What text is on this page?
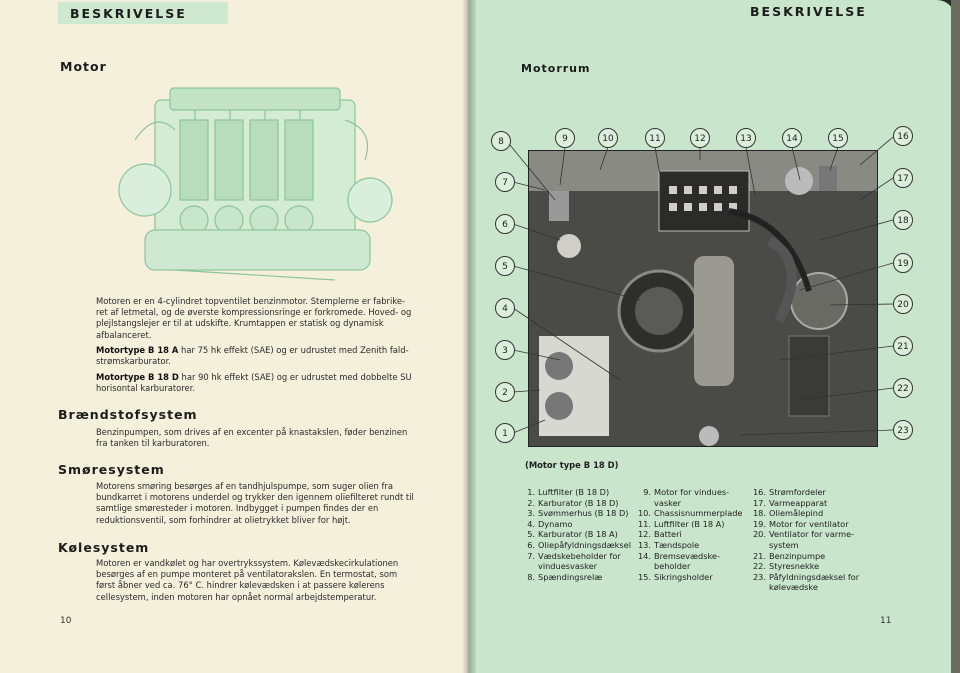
BESKRIVELSE
Motor
Motoren er en 4-cylindret topventilet benzinmotor. Stemplerne er fabrike-ret af letmetal, og de øverste kompressionsringe er forkromede. Hoved- og plejlstangslejer er til at udskifte. Krumtappen er statisk og dynamisk afbalanceret.
Motortype B 18 A har 75 hk effekt (SAE) og er udrustet med Zenith fald-strømskarburator.
Motortype B 18 D har 90 hk effekt (SAE) og er udrustet med dobbelte SU horisontal karburatorer.
Brændstofsystem
Benzinpumpen, som drives af en excenter på knastakslen, føder benzinen fra tanken til karburatoren.
Smøresystem
Motorens smøring besørges af en tandhjulspumpe, som suger olien fra bundkarret i motorens underdel og trykker den igennem oliefilteret rundt til samtlige smøresteder i motoren. Indbygget i pumpen findes der en reduktionsventil, som forhindrer at olietrykket bliver for højt.
Kølesystem
Motoren er vandkølet og har overtrykssystem. Kølevædskecirkulationen besørges af en pumpe monteret på ventilatorakslen. En termostat, som først åbner ved ca. 76° C. hindrer kølevædsken i at passere kølerens cellesystem, inden motoren har opnået normal arbejdstemperatur.
10
BESKRIVELSE
Motorrum
11
1
2
3
4
5
6
7
8	9	10	11	12	13	14	15	16
17
18
19
20
21
22
23
(Motor type B 18 D)
1. Luftfilter (B 18 D)
2. Karburator (B 18 D)
3. Svømmerhus (B 18 D)
4. Dynamo
5. Karburator (B 18 A)
6. Oliepåfyldningsdæksel
7. Vædskebeholder for vinduesvasker
8. Spændingsrelæ
9. Motor for vindues-vasker
10. Chassisnummerplade
11. Luftfilter (B 18 A)
12. Batteri
13. Tændspole
14. Bremsevædske-beholder
15. Sikringsholder
16. Strømfordeler
17. Varmeapparat
18. Oliemålepind
19. Motor for ventilator
20. Ventilator for varme-system
21. Benzinpumpe
22. Styresnekke
23. Påfyldningsdæksel for kølevædske
